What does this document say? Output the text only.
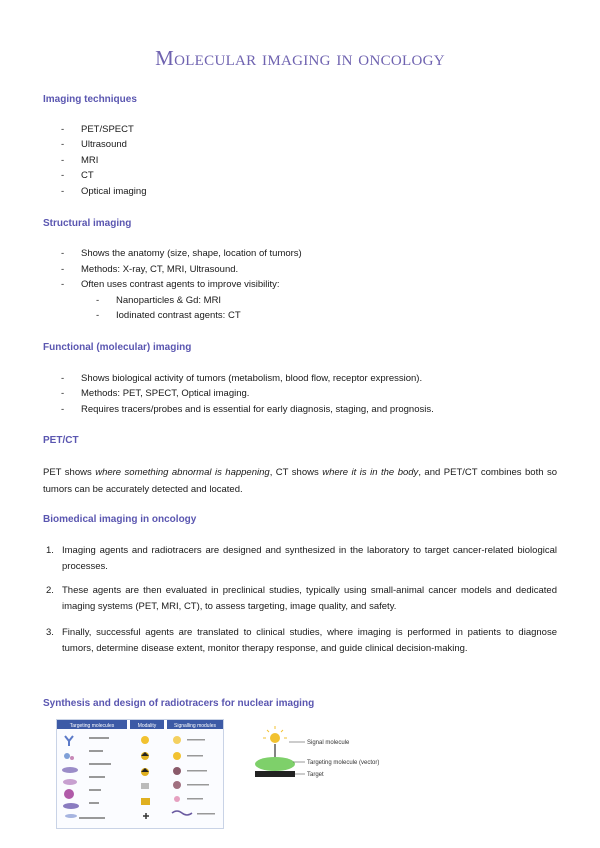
Molecular imaging in oncology
Imaging techniques
- PET/SPECT
- Ultrasound
- MRI
- CT
- Optical imaging
Structural imaging
- Shows the anatomy (size, shape, location of tumors)
- Methods: X-ray, CT, MRI, Ultrasound.
- Often uses contrast agents to improve visibility:
- Nanoparticles & Gd: MRI
- Iodinated contrast agents: CT
Functional (molecular) imaging
- Shows biological activity of tumors (metabolism, blood flow, receptor expression).
- Methods: PET, SPECT, Optical imaging.
- Requires tracers/probes and is essential for early diagnosis, staging, and prognosis.
PET/CT
PET shows where something abnormal is happening, CT shows where it is in the body, and PET/CT combines both so tumors can be accurately detected and located.
Biomedical imaging in oncology
1. Imaging agents and radiotracers are designed and synthesized in the laboratory to target cancer-related biological processes.
2. These agents are then evaluated in preclinical studies, typically using small-animal cancer models and dedicated imaging systems (PET, MRI, CT), to assess targeting, image quality, and safety.
3. Finally, successful agents are translated to clinical studies, where imaging is performed in patients to diagnose tumors, determine disease extent, monitor therapy response, and guide clinical decision-making.
Synthesis and design of radiotracers for nuclear imaging
Targeting molecules	Modality	Signalling modules
Signal molecule
Targeting molecule (vector)
Target
